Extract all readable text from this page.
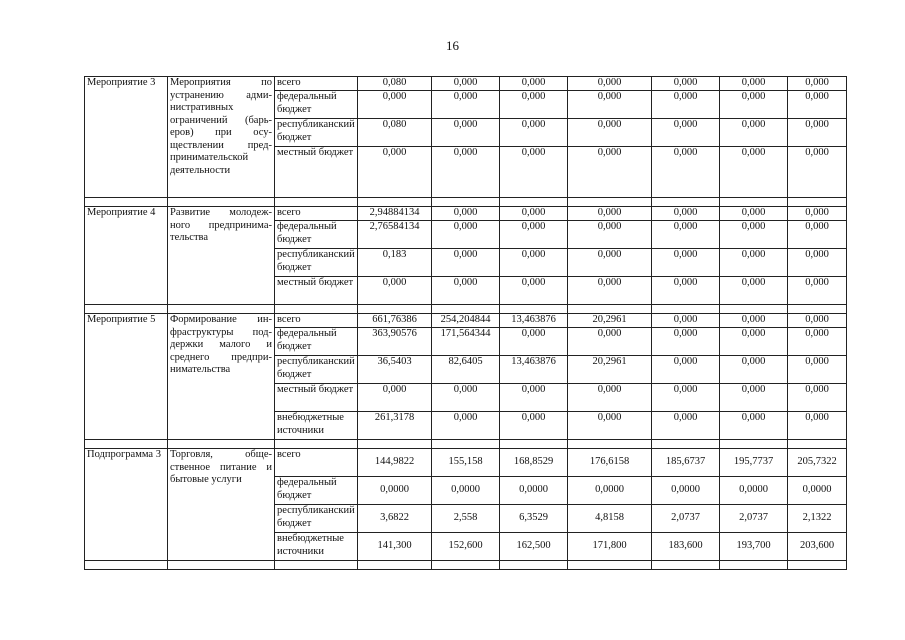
16
Мероприятие 3	Мероприятия по устранению административных ограничений (барьеров) при осуществлении предпринимательской деятельности	всего	0,080	0,000	0,000	0,000	0,000	0,000	0,000
		федеральный бюджет	0,000	0,000	0,000	0,000	0,000	0,000	0,000
		республиканский бюджет	0,080	0,000	0,000	0,000	0,000	0,000	0,000
		местный бюджет	0,000	0,000	0,000	0,000	0,000	0,000	0,000

Мероприятие 4	Развитие молодежного предпринимательства	всего	2,94884134	0,000	0,000	0,000	0,000	0,000	0,000
		федеральный бюджет	2,76584134	0,000	0,000	0,000	0,000	0,000	0,000
		республиканский бюджет	0,183	0,000	0,000	0,000	0,000	0,000	0,000
		местный бюджет	0,000	0,000	0,000	0,000	0,000	0,000	0,000

Мероприятие 5	Формирование инфраструктуры поддержки малого и среднего предпринимательства	всего	661,76386	254,204844	13,463876	20,2961	0,000	0,000	0,000
		федеральный бюджет	363,90576	171,564344	0,000	0,000	0,000	0,000	0,000
		республиканский бюджет	36,5403	82,6405	13,463876	20,2961	0,000	0,000	0,000
		местный бюджет	0,000	0,000	0,000	0,000	0,000	0,000	0,000
		внебюджетные источники	261,3178	0,000	0,000	0,000	0,000	0,000	0,000

Подпрограмма 3	Торговля, общественное питание и бытовые услуги	всего	144,9822	155,158	168,8529	176,6158	185,6737	195,7737	205,7322
		федеральный бюджет	0,0000	0,0000	0,0000	0,0000	0,0000	0,0000	0,0000
		республиканский бюджет	3,6822	2,558	6,3529	4,8158	2,0737	2,0737	2,1322
		внебюджетные источники	141,300	152,600	162,500	171,800	183,600	193,700	203,600
